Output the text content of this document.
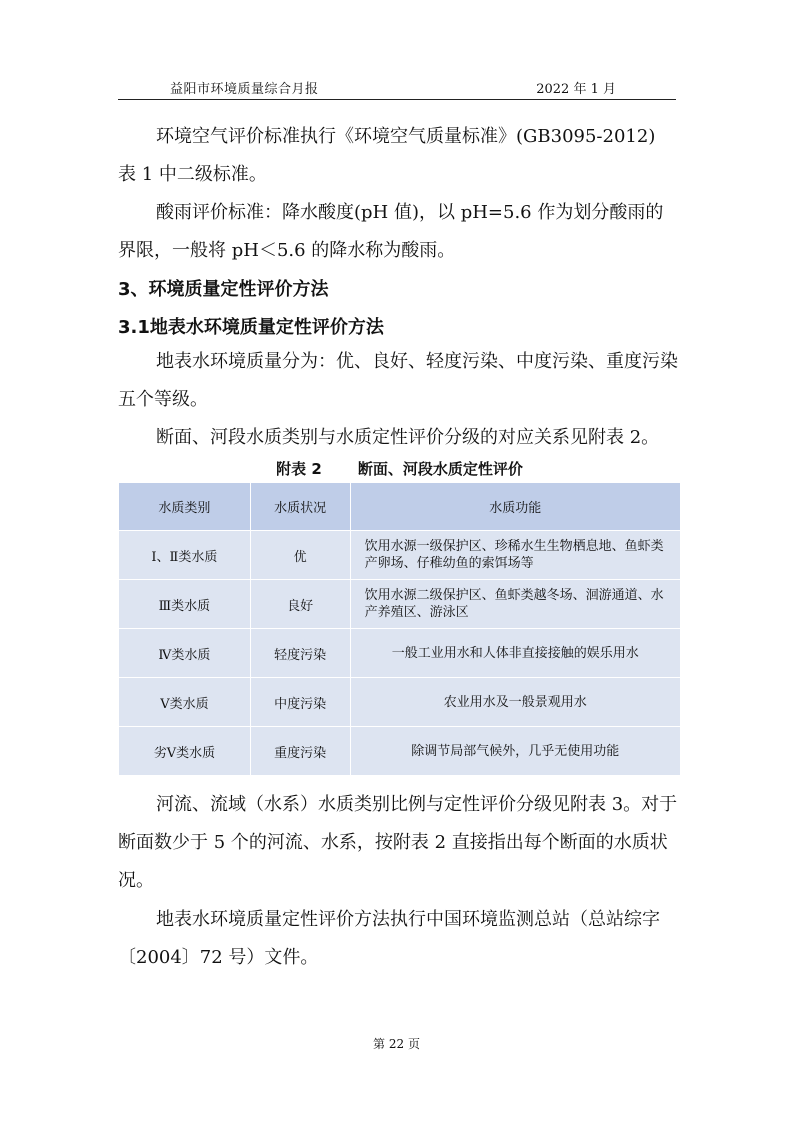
益阳市环境质量综合月报	2022 年 1 月

环境空气评价标准执行《环境空气质量标准》(GB3095-2012) 表 1 中二级标准。

酸雨评价标准：降水酸度(pH 值)，以 pH=5.6 作为划分酸雨的界限，一般将 pH＜5.6 的降水称为酸雨。

3、环境质量定性评价方法
3.1地表水环境质量定性评价方法

地表水环境质量分为：优、良好、轻度污染、中度污染、重度污染五个等级。

断面、河段水质类别与水质定性评价分级的对应关系见附表 2。

附表 2 断面、河段水质定性评价
水质类别	水质状况	水质功能
Ⅰ、Ⅱ类水质	优	饮用水源一级保护区、珍稀水生生物栖息地、鱼虾类产卵场、仔稚幼鱼的索饵场等
Ⅲ类水质	良好	饮用水源二级保护区、鱼虾类越冬场、洄游通道、水产养殖区、游泳区
Ⅳ类水质	轻度污染	一般工业用水和人体非直接接触的娱乐用水
Ⅴ类水质	中度污染	农业用水及一般景观用水
劣Ⅴ类水质	重度污染	除调节局部气候外，几乎无使用功能

河流、流域（水系）水质类别比例与定性评价分级见附表 3。对于断面数少于 5 个的河流、水系，按附表 2 直接指出每个断面的水质状况。

地表水环境质量定性评价方法执行中国环境监测总站（总站综字〔2004〕72 号）文件。

第 22 页
